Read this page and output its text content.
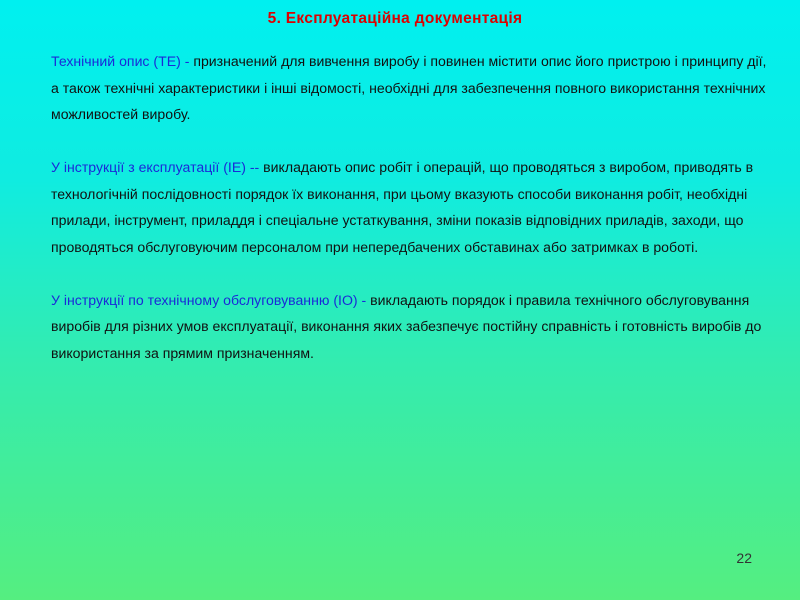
5. Експлуатаційна документація

Технічний опис (ТЕ) - призначений для вивчення виробу і повинен містити опис його пристрою і принципу дії, а також технічні характеристики і інші відомості, необхідні для забезпечення повного використання технічних можливостей виробу.

У інструкції з експлуатації (ІЕ) -- викладають опис робіт і операцій, що проводяться з виробом, приводять в технологічній послідовності порядок їх виконання, при цьому вказують способи виконання робіт, необхідні прилади, інструмент, приладдя і спеціальне устаткування, зміни показів відповідних приладів, заходи, що проводяться обслуговуючим персоналом при непередбачених обставинах або затримках в роботі.

У інструкції по технічному обслуговуванню (ІО) - викладають порядок і правила технічного обслуговування виробів для різних умов експлуатації, виконання яких забезпечує постійну справність і готовність виробів до використання за прямим призначенням.

22
